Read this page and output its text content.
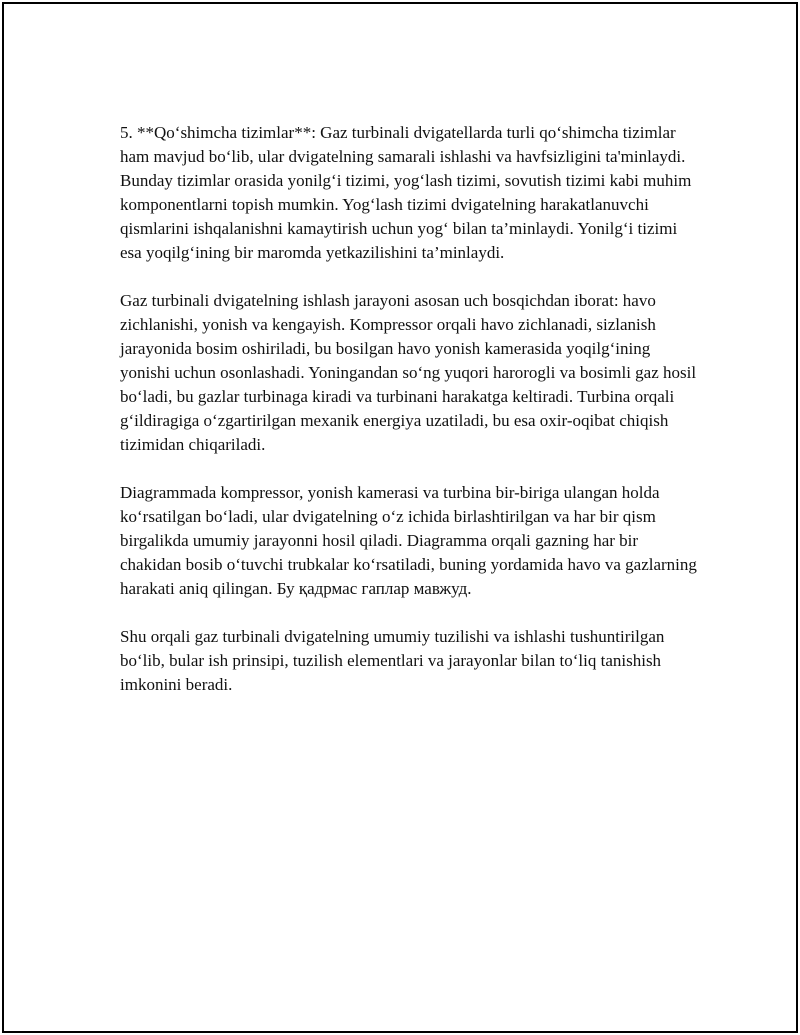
5. **Qo‘shimcha tizimlar**: Gaz turbinali dvigatellarda turli qo‘shimcha tizimlar ham mavjud bo‘lib, ular dvigatelning samarali ishlashi va havfsizligini ta'minlaydi. Bunday tizimlar orasida yonilg‘i tizimi, yog‘lash tizimi, sovutish tizimi kabi muhim komponentlarni topish mumkin. Yog‘lash tizimi dvigatelning harakatlanuvchi qismlarini ishqalanishni kamaytirish uchun yog‘ bilan ta’minlaydi. Yonilg‘i tizimi esa yoqilg‘ining bir maromda yetkazilishini ta’minlaydi.

Gaz turbinali dvigatelning ishlash jarayoni asosan uch bosqichdan iborat: havo zichlanishi, yonish va kengayish. Kompressor orqali havo zichlanadi, sizlanish jarayonida bosim oshiriladi, bu bosilgan havo yonish kamerasida yoqilg‘ining yonishi uchun osonlashadi. Yoningandan so‘ng yuqori harorogli va bosimli gaz hosil bo‘ladi, bu gazlar turbinaga kiradi va turbinani harakatga keltiradi. Turbina orqali g‘ildiragiga o‘zgartirilgan mexanik energiya uzatiladi, bu esa oxir-oqibat chiqish tizimidan chiqariladi.

Diagrammada kompressor, yonish kamerasi va turbina bir-biriga ulangan holda ko‘rsatilgan bo‘ladi, ular dvigatelning o‘z ichida birlashtirilgan va har bir qism birgalikda umumiy jarayonni hosil qiladi. Diagramma orqali gazning har bir chakidan bosib o‘tuvchi trubkalar ko‘rsatiladi, buning yordamida havo va gazlarning harakati aniq qilingan. Бу қадрмас гаплар мавжуд.

Shu orqali gaz turbinali dvigatelning umumiy tuzilishi va ishlashi tushuntirilgan bo‘lib, bular ish prinsipi, tuzilish elementlari va jarayonlar bilan to‘liq tanishish imkonini beradi.
